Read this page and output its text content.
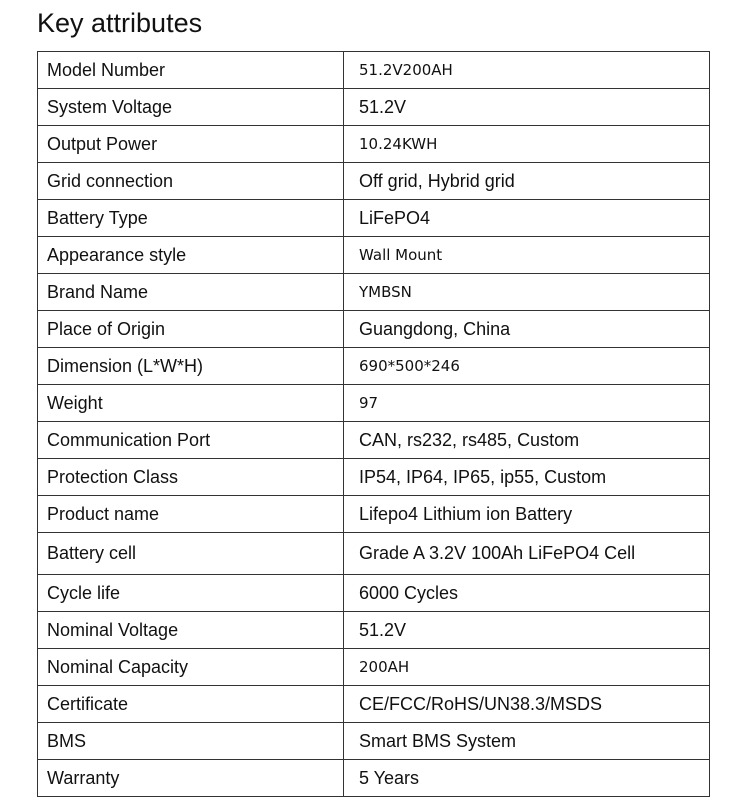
Key attributes
Model Number	51.2V200AH
System Voltage	51.2V
Output Power	10.24KWH
Grid connection	Off grid, Hybrid grid
Battery Type	LiFePO4
Appearance style	Wall Mount
Brand Name	YMBSN
Place of Origin	Guangdong, China
Dimension (L*W*H)	690*500*246
Weight	97
Communication Port	CAN, rs232, rs485, Custom
Protection Class	IP54, IP64, IP65, ip55, Custom
Product name	Lifepo4 Lithium ion Battery
Battery cell	Grade A 3.2V 100Ah LiFePO4 Cell
Cycle life	6000 Cycles
Nominal Voltage	51.2V
Nominal Capacity	200AH
Certificate	CE/FCC/RoHS/UN38.3/MSDS
BMS	Smart BMS System
Warranty	5 Years
